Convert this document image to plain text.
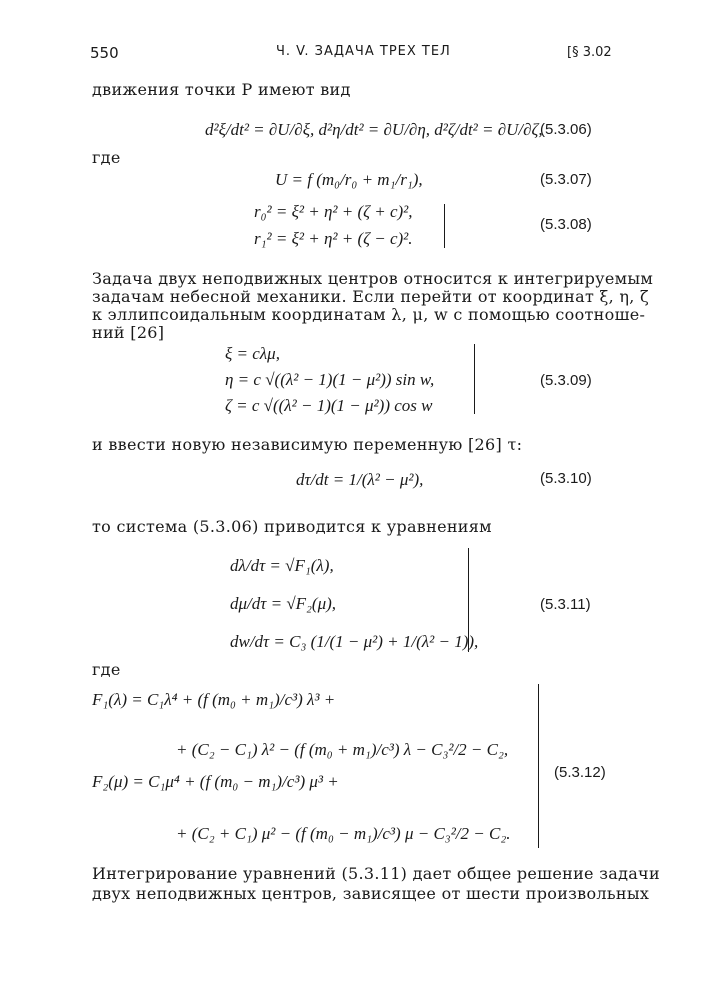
550	Ч. V. ЗАДАЧА ТРЕХ ТЕЛ	[§ 3.02
движения точки P имеют вид
d²ξ/dt² = ∂U/∂ξ, d²η/dt² = ∂U/∂η, d²ζ/dt² = ∂U/∂ζ,
(5.3.06)
где
U = f (m₀/r₀ + m₁/r₁),	(5.3.07)
r₀² = ξ² + η² + (ζ + c)²,
r₁² = ξ² + η² + (ζ − c)².
(5.3.08)
Задача двух неподвижных центров относится к интегрируемым
задачам небесной механики. Если перейти от координат ξ, η, ζ
к эллипсоидальным координатам λ, μ, w с помощью соотноше-
ний [26]
ξ = cλμ,
η = c √((λ² − 1)(1 − μ²)) sin w,
ζ = c √((λ² − 1)(1 − μ²)) cos w
(5.3.09)
и ввести новую независимую переменную [26] τ:
dτ/dt = 1/(λ² − μ²),	(5.3.10)
то система (5.3.06) приводится к уравнениям
dλ/dτ = √F₁(λ),
dμ/dτ = √F₂(μ),
dw/dτ = C₃ (1/(1 − μ²) + 1/(λ² − 1)),
(5.3.11)
где
F₁(λ) = C₁λ⁴ + (f (m₀ + m₁)/c³) λ³ +
+ (C₂ − C₁) λ² − (f (m₀ + m₁)/c³) λ − C₃²/2 − C₂,
F₂(μ) = C₁μ⁴ + (f (m₀ − m₁)/c³) μ³ +
+ (C₂ + C₁) μ² − (f (m₀ − m₁)/c³) μ − C₃²/2 − C₂.
(5.3.12)
Интегрирование уравнений (5.3.11) дает общее решение задачи
двух неподвижных центров, зависящее от шести произвольных
